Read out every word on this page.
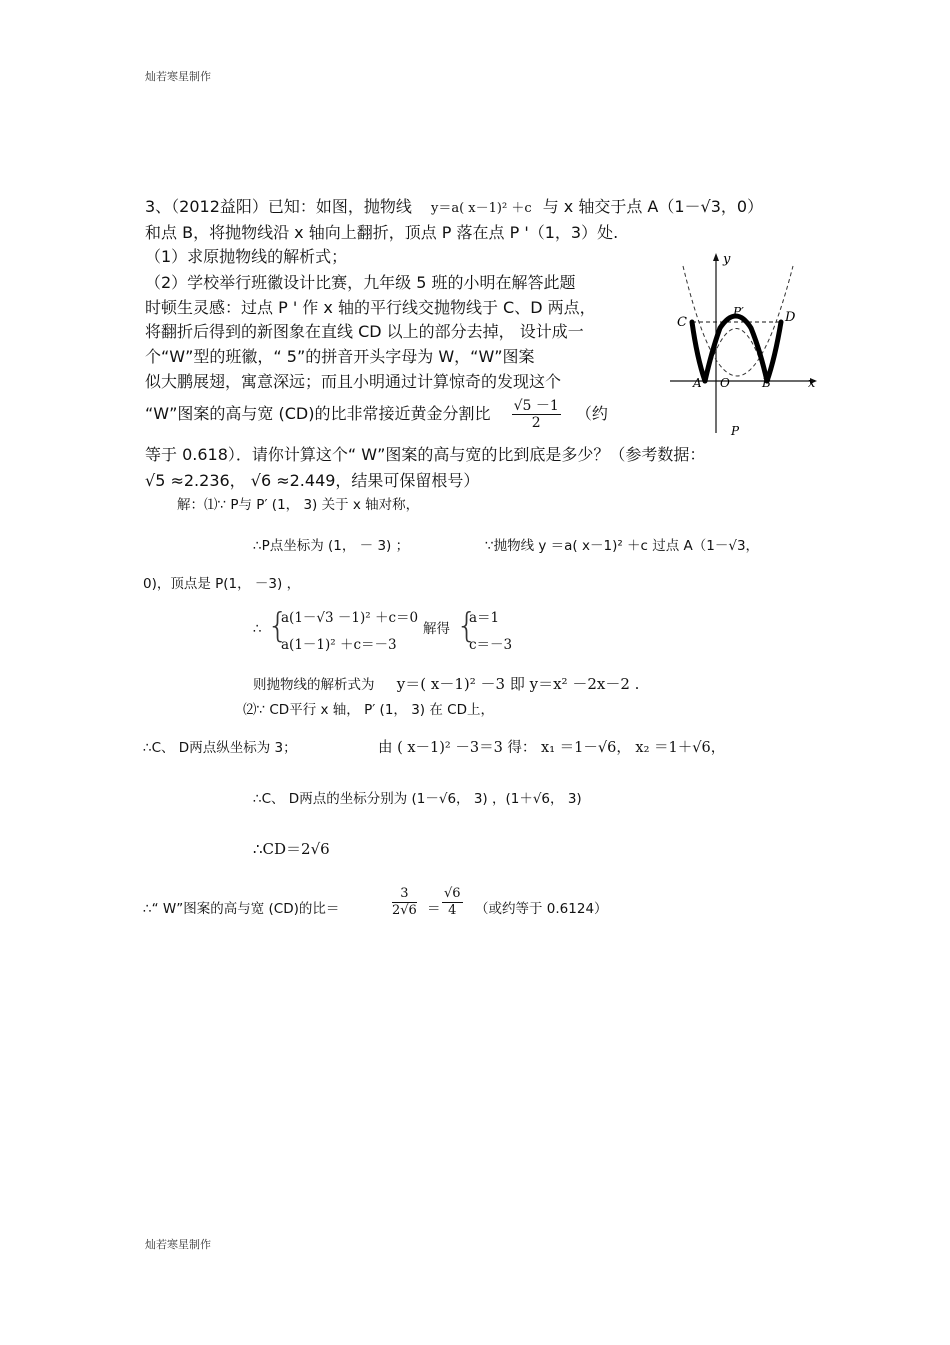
灿若寒星制作
3、（2012益阳）已知：如图，抛物线 y＝a( x－1)² ＋c 与 x 轴交于点 A（1－√3，0）
和点 B，将抛物线沿 x 轴向上翻折，顶点 P 落在点 P '（1，3）处.
（1）求原抛物线的解析式；
（2）学校举行班徽设计比赛，九年级 5 班的小明在解答此题
时顿生灵感：过点 P ' 作 x 轴的平行线交抛物线于 C、D 两点，
将翻折后得到的新图象在直线 CD 以上的部分去掉， 设计成一
个“W”型的班徽，“ 5”的拼音开头字母为 W，“W”图案
似大鹏展翅，寓意深远；而且小明通过计算惊奇的发现这个
“W”图案的高与宽 (CD)的比非常接近黄金分割比 $\frac{√5 -1}{2}$ （约
等于 0.618）．请你计算这个“ W”图案的高与宽的比到底是多少？（参考数据：
√5 ≈2.236， √6 ≈2.449，结果可保留根号）
y
x
C	D
A O	B
P′
P
解：⑴∵ P与 P′ (1， 3) 关于 x 轴对称，
∴P点坐标为 (1， － 3) ；	∵抛物线 y ＝a( x－1)² ＋c 过点 A（1－√3，
0)，顶点是 P(1， －3) ，
∴ {
a(1－√3 －1)² ＋c＝0
a(1－1)² ＋c＝－3
解得 {
a＝1
c＝－3
则抛物线的解析式为 y＝( x－1)² －3 即 y＝x² －2x－2 .
⑵∵ CD平行 x 轴， P′ (1， 3) 在 CD上，
∴C、 D两点纵坐标为 3；	由 ( x－1)² －3＝3 得： x₁ ＝1－√6， x₂ ＝1＋√6，
∴C、 D两点的坐标分别为 (1－√6， 3) ，(1＋√6， 3)
∴CD＝2√6
∴“ W”图案的高与宽 (CD)的比＝	$\frac{3}{2√6} = \frac{√6}{4}$ （或约等于 0.6124）
灿若寒星制作
